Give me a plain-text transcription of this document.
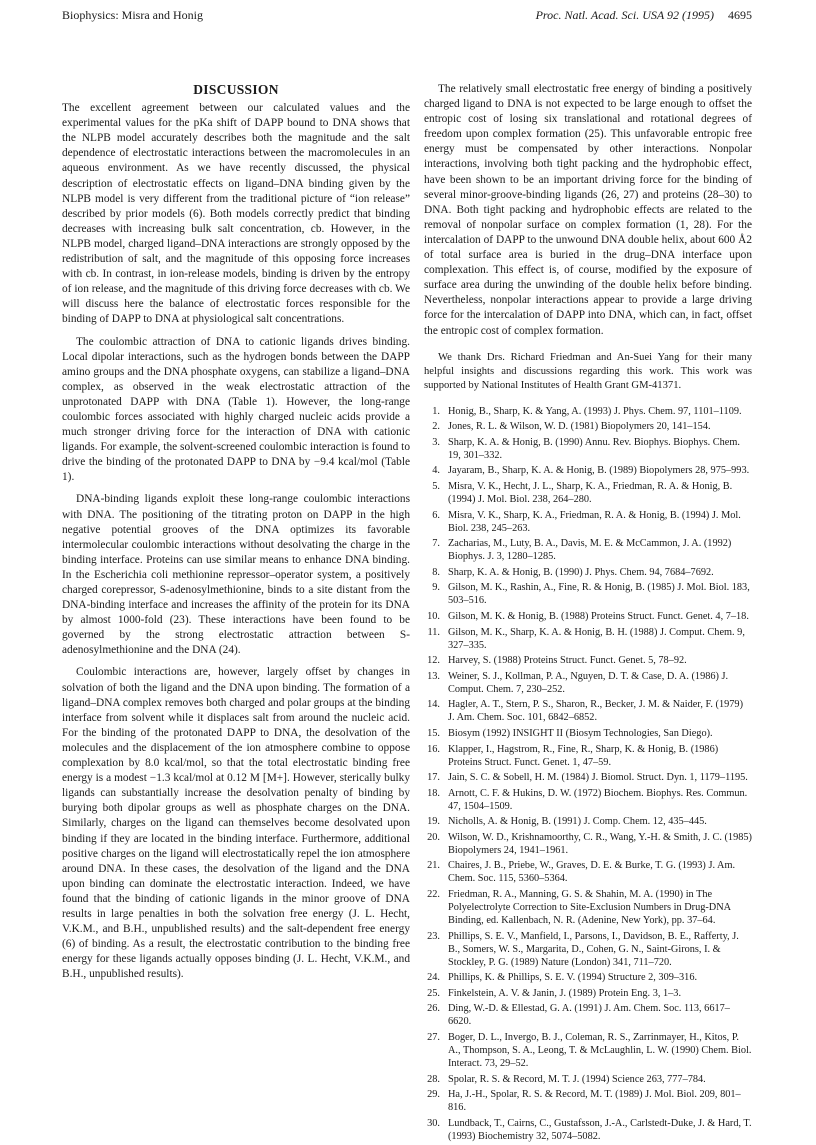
Biophysics: Misra and Honig	Proc. Natl. Acad. Sci. USA 92 (1995) 4695
DISCUSSION

The excellent agreement between our calculated values and the experimental values for the pKa shift of DAPP bound to DNA shows that the NLPB model accurately describes both the magnitude and the salt dependence of electrostatic interactions between the macromolecules in an aqueous environment. As we have recently discussed, the physical description of electrostatic effects on ligand–DNA binding given by the NLPB model is very different from the traditional picture of “ion release” described by prior models (6). Both models correctly predict that binding decreases with increasing bulk salt concentration, cb. However, in the NLPB model, charged ligand–DNA interactions are strongly opposed by the redistribution of salt, and the magnitude of this opposing force increases with cb. In contrast, in ion-release models, binding is driven by the entropy of ion release, and the magnitude of this driving force decreases with cb. We will discuss here the balance of electrostatic forces responsible for the binding of DAPP to DNA at physiological salt concentrations.

The coulombic attraction of DNA to cationic ligands drives binding. Local dipolar interactions, such as the hydrogen bonds between the DAPP amino groups and the DNA phosphate oxygens, can stabilize a ligand–DNA complex, as observed in the weak electrostatic attraction of the unprotonated DAPP with DNA (Table 1). However, the long-range coulombic forces associated with highly charged nucleic acids provide a much stronger driving force for the interaction of DNA with cationic ligands. For example, the solvent-screened coulombic interaction is found to drive the binding of the protonated DAPP to DNA by −9.4 kcal/mol (Table 1).

DNA-binding ligands exploit these long-range coulombic interactions with DNA. The positioning of the titrating proton on DAPP in the high negative potential grooves of the DNA optimizes its favorable intermolecular coulombic interactions without desolvating the charge in the binding interface. Proteins can use similar means to enhance DNA binding. In the Escherichia coli methionine repressor–operator system, a positively charged corepressor, S-adenosylmethionine, binds to a site distant from the DNA-binding interface and increases the affinity of the protein for its DNA by almost 1000-fold (23). These interactions have been found to be governed by the strong electrostatic attraction between S-adenosylmethionine and the DNA (24).

Coulombic interactions are, however, largely offset by changes in solvation of both the ligand and the DNA upon binding. The formation of a ligand–DNA complex removes both charged and polar groups at the binding interface from solvent while it displaces salt from around the nucleic acid. For the binding of the protonated DAPP to DNA, the desolvation of the molecules and the displacement of the ion atmosphere combine to oppose complexation by 8.0 kcal/mol, so that the total electrostatic binding free energy is a modest −1.3 kcal/mol at 0.12 M [M+]. However, sterically bulky ligands can substantially increase the desolvation penalty of binding by burying both dipolar groups as well as phosphate charges on the DNA. Similarly, charges on the ligand can themselves become desolvated upon binding if they are located in the binding interface. Furthermore, additional positive charges on the ligand will electrostatically repel the ion atmosphere around DNA. In these cases, the desolvation of the ligand and the DNA upon binding can dominate the electrostatic interaction. Indeed, we have found that the binding of cationic ligands in the minor groove of DNA results in large penalties in both the solvation free energy (J. L. Hecht, V.K.M., and B.H., unpublished results) and the salt-dependent free energy (6) of binding. As a result, the electrostatic contribution to the binding free energy for these ligands actually opposes binding (J. L. Hecht, V.K.M., and B.H., unpublished results).

The relatively small electrostatic free energy of binding a positively charged ligand to DNA is not expected to be large enough to offset the entropic cost of losing six translational and rotational degrees of freedom upon complex formation (25). This unfavorable entropic free energy must be compensated by other interactions. Nonpolar interactions, involving both tight packing and the hydrophobic effect, have been shown to be an important driving force for the binding of several minor-groove-binding ligands (26, 27) and proteins (28–30) to DNA. Both tight packing and hydrophobic effects are related to the removal of nonpolar surface on complex formation (1, 28). For the intercalation of DAPP to the unwound DNA double helix, about 600 Å2 of total surface area is buried in the drug–DNA interface upon complexation. This effect is, of course, modified by the exposure of surface area during the unwinding of the double helix before binding. Nevertheless, nonpolar interactions appear to provide a large driving force for the intercalation of DAPP into DNA, which can, in fact, offset the entropic cost of complex formation.

We thank Drs. Richard Friedman and An-Suei Yang for their many helpful insights and discussions regarding this work. This work was supported by National Institutes of Health Grant GM-41371.

1. Honig, B., Sharp, K. & Yang, A. (1993) J. Phys. Chem. 97, 1101–1109.
2. Jones, R. L. & Wilson, W. D. (1981) Biopolymers 20, 141–154.
3. Sharp, K. A. & Honig, B. (1990) Annu. Rev. Biophys. Biophys. Chem. 19, 301–332.
4. Jayaram, B., Sharp, K. A. & Honig, B. (1989) Biopolymers 28, 975–993.
5. Misra, V. K., Hecht, J. L., Sharp, K. A., Friedman, R. A. & Honig, B. (1994) J. Mol. Biol. 238, 264–280.
6. Misra, V. K., Sharp, K. A., Friedman, R. A. & Honig, B. (1994) J. Mol. Biol. 238, 245–263.
7. Zacharias, M., Luty, B. A., Davis, M. E. & McCammon, J. A. (1992) Biophys. J. 3, 1280–1285.
8. Sharp, K. A. & Honig, B. (1990) J. Phys. Chem. 94, 7684–7692.
9. Gilson, M. K., Rashin, A., Fine, R. & Honig, B. (1985) J. Mol. Biol. 183, 503–516.
10. Gilson, M. K. & Honig, B. (1988) Proteins Struct. Funct. Genet. 4, 7–18.
11. Gilson, M. K., Sharp, K. A. & Honig, B. H. (1988) J. Comput. Chem. 9, 327–335.
12. Harvey, S. (1988) Proteins Struct. Funct. Genet. 5, 78–92.
13. Weiner, S. J., Kollman, P. A., Nguyen, D. T. & Case, D. A. (1986) J. Comput. Chem. 7, 230–252.
14. Hagler, A. T., Stern, P. S., Sharon, R., Becker, J. M. & Naider, F. (1979) J. Am. Chem. Soc. 101, 6842–6852.
15. Biosym (1992) INSIGHT II (Biosym Technologies, San Diego).
16. Klapper, I., Hagstrom, R., Fine, R., Sharp, K. & Honig, B. (1986) Proteins Struct. Funct. Genet. 1, 47–59.
17. Jain, S. C. & Sobell, H. M. (1984) J. Biomol. Struct. Dyn. 1, 1179–1195.
18. Arnott, C. F. & Hukins, D. W. (1972) Biochem. Biophys. Res. Commun. 47, 1504–1509.
19. Nicholls, A. & Honig, B. (1991) J. Comp. Chem. 12, 435–445.
20. Wilson, W. D., Krishnamoorthy, C. R., Wang, Y.-H. & Smith, J. C. (1985) Biopolymers 24, 1941–1961.
21. Chaires, J. B., Priebe, W., Graves, D. E. & Burke, T. G. (1993) J. Am. Chem. Soc. 115, 5360–5364.
22. Friedman, R. A., Manning, G. S. & Shahin, M. A. (1990) in The Polyelectrolyte Correction to Site-Exclusion Numbers in Drug-DNA Binding, ed. Kallenbach, N. R. (Adenine, New York), pp. 37–64.
23. Phillips, S. E. V., Manfield, I., Parsons, I., Davidson, B. E., Rafferty, J. B., Somers, W. S., Margarita, D., Cohen, G. N., Saint-Girons, I. & Stockley, P. G. (1989) Nature (London) 341, 711–720.
24. Phillips, K. & Phillips, S. E. V. (1994) Structure 2, 309–316.
25. Finkelstein, A. V. & Janin, J. (1989) Protein Eng. 3, 1–3.
26. Ding, W.-D. & Ellestad, G. A. (1991) J. Am. Chem. Soc. 113, 6617–6620.
27. Boger, D. L., Invergo, B. J., Coleman, R. S., Zarrinmayer, H., Kitos, P. A., Thompson, S. A., Leong, T. & McLaughlin, L. W. (1990) Chem. Biol. Interact. 73, 29–52.
28. Spolar, R. S. & Record, M. T. J. (1994) Science 263, 777–784.
29. Ha, J.-H., Spolar, R. S. & Record, M. T. (1989) J. Mol. Biol. 209, 801–816.
30. Lundback, T., Cairns, C., Gustafsson, J.-A., Carlstedt-Duke, J. & Hard, T. (1993) Biochemistry 32, 5074–5082.
